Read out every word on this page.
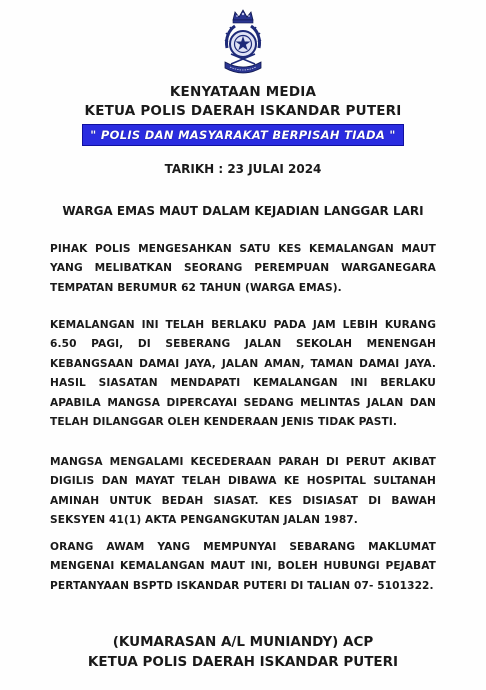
KENYATAAN MEDIA
KETUA POLIS DAERAH ISKANDAR PUTERI
" POLIS DAN MASYARAKAT BERPISAH TIADA "

TARIKH : 23 JULAI 2024

WARGA EMAS MAUT DALAM KEJADIAN LANGGAR LARI

PIHAK POLIS MENGESAHKAN SATU KES KEMALANGAN MAUT YANG MELIBATKAN SEORANG PEREMPUAN WARGANEGARA TEMPATAN BERUMUR 62 TAHUN (WARGA EMAS).

KEMALANGAN INI TELAH BERLAKU PADA JAM LEBIH KURANG 6.50 PAGI, DI SEBERANG JALAN SEKOLAH MENENGAH KEBANGSAAN DAMAI JAYA, JALAN AMAN, TAMAN DAMAI JAYA. HASIL SIASATAN MENDAPATI KEMALANGAN INI BERLAKU APABILA MANGSA DIPERCAYAI SEDANG MELINTAS JALAN DAN TELAH DILANGGAR OLEH KENDERAAN JENIS TIDAK PASTI.

MANGSA MENGALAMI KECEDERAAN PARAH DI PERUT AKIBAT DIGILIS DAN MAYAT TELAH DIBAWA KE HOSPITAL SULTANAH AMINAH UNTUK BEDAH SIASAT. KES DISIASAT DI BAWAH SEKSYEN 41(1) AKTA PENGANGKUTAN JALAN 1987.

ORANG AWAM YANG MEMPUNYAI SEBARANG MAKLUMAT MENGENAI KEMALANGAN MAUT INI, BOLEH HUBUNGI PEJABAT PERTANYAAN BSPTD ISKANDAR PUTERI DI TALIAN 07- 5101322.

(KUMARASAN A/L MUNIANDY) ACP

KETUA POLIS DAERAH ISKANDAR PUTERI
